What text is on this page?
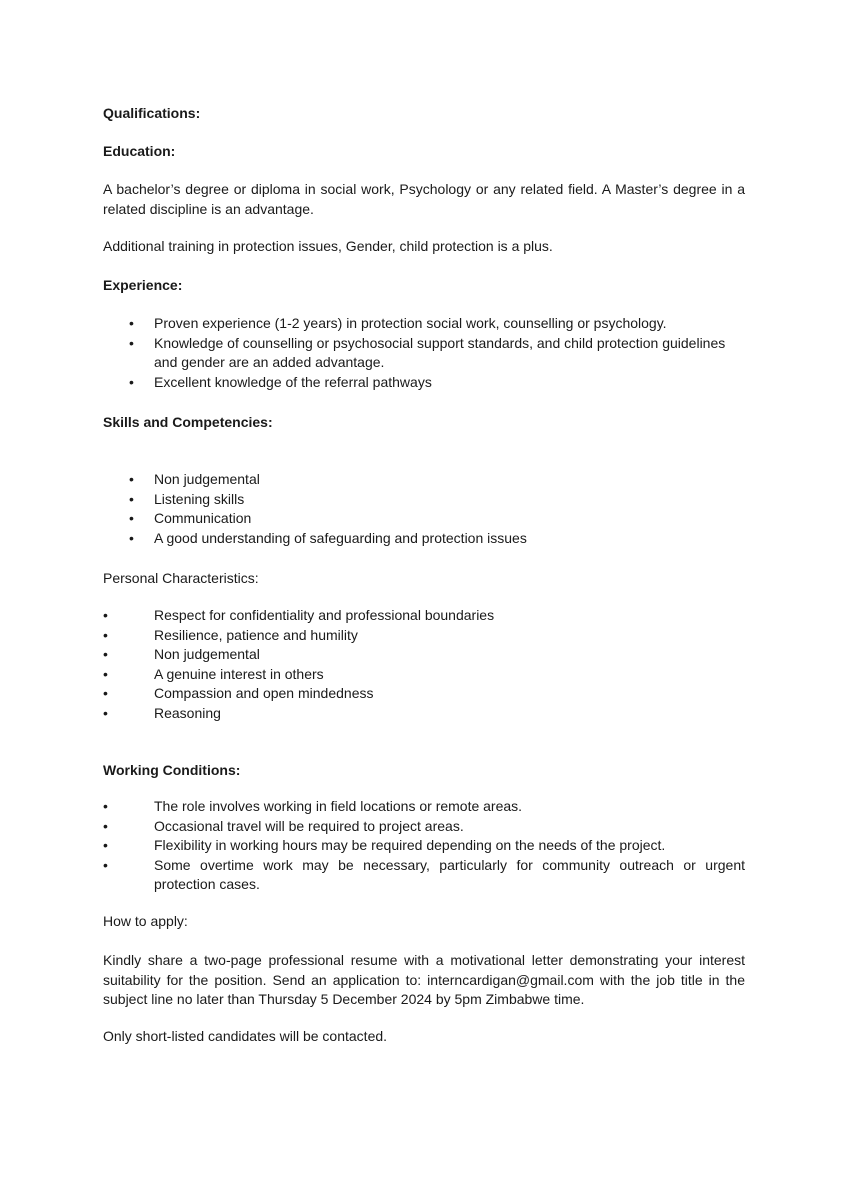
Qualifications:
Education:
A bachelor’s degree or diploma in social work, Psychology or any related field. A Master’s degree in a related discipline is an advantage.
Additional training in protection issues, Gender, child protection is a plus.
Experience:
• Proven experience (1-2 years) in protection social work, counselling or psychology.
• Knowledge of counselling or psychosocial support standards, and child protection guidelines and gender are an added advantage.
• Excellent knowledge of the referral pathways
Skills and Competencies:
• Non judgemental
• Listening skills
• Communication
• A good understanding of safeguarding and protection issues
Personal Characteristics:
•	Respect for confidentiality and professional boundaries
•	Resilience, patience and humility
•	Non judgemental
•	A genuine interest in others
•	Compassion and open mindedness
•	Reasoning
Working Conditions:
•	The role involves working in field locations or remote areas.
•	Occasional travel will be required to project areas.
•	Flexibility in working hours may be required depending on the needs of the project.
•	Some overtime work may be necessary, particularly for community outreach or urgent protection cases.
How to apply:
Kindly share a two-page professional resume with a motivational letter demonstrating your interest suitability for the position. Send an application to: interncardigan@gmail.com with the job title in the subject line no later than Thursday 5 December 2024 by 5pm Zimbabwe time.
Only short-listed candidates will be contacted.
